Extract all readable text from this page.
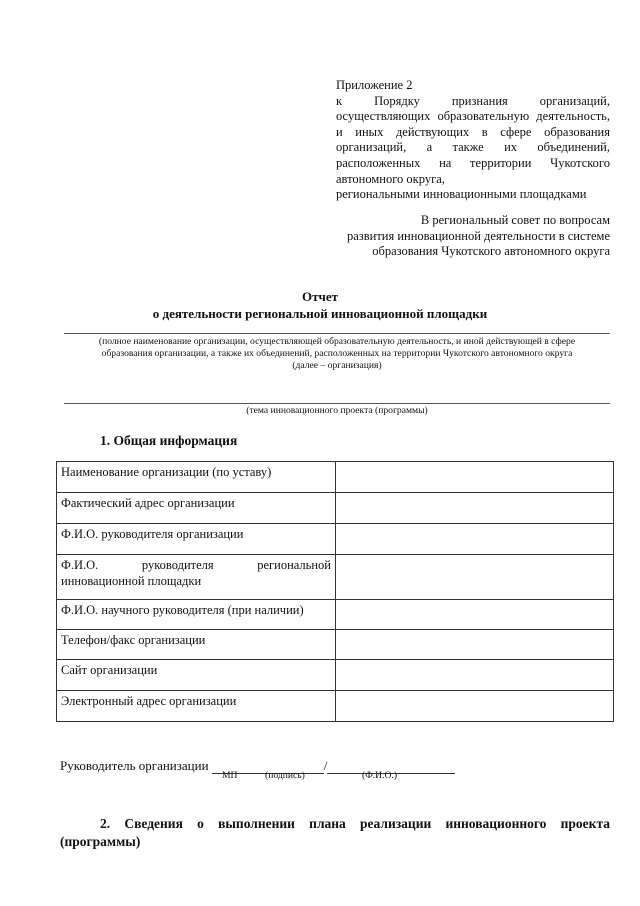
Приложение 2

к Порядку признания организаций,

осуществляющих образовательную деятельность,

и иных действующих в сфере образования

организаций, а также их объединений,

расположенных на территории Чукотского

автономного округа,

региональными инновационными площадками

В региональный совет по вопросам

развития инновационной деятельности в системе

образования Чукотского автономного округа

Отчет
о деятельности региональной инновационной площадки
(полное наименование организации, осуществляющей образовательную деятельность, и иной действующей в сфере
образования организации, а также их объединений, расположенных на территории Чукотского автономного округа
(далее – организация)
(тема инновационного проекта (программы)
1. Общая информация
Наименование организации (по уставу)	
Фактический адрес организации	
Ф.И.О. руководителя организации	

Ф.И.О. руководителя региональной инновационной площадки	

Ф.И.О. научного руководителя (при наличии)	
Телефон/факс организации	
Сайт организации	
Электронный адрес организации	
Руководитель организации	/
МП	(подпись)	(Ф.И.О.)
2. Сведения о выполнении плана реализации инновационного проекта (программы)
